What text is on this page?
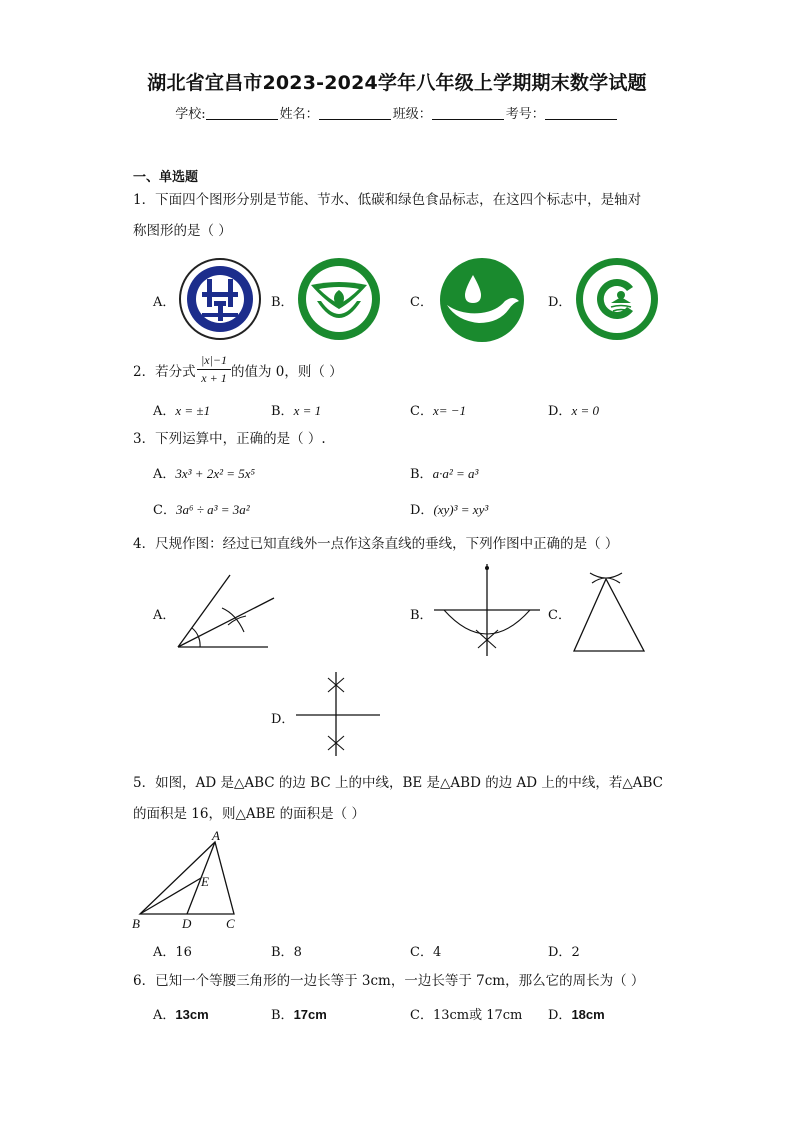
湖北省宜昌市2023-2024学年八年级上学期期末数学试题
学校:	姓名：	班级：	考号：
一、单选题
1．下面四个图形分别是节能、节水、低碳和绿色食品标志，在这四个标志中，是轴对
称图形的是（ ）
A．	B．	C．	D．
2．若分式
|x|−1
x + 1 的值为 0，则（ ）
A．x = ±1	B．x = 1	C．x= −1	D．x = 0
3．下列运算中，正确的是（ ）.
A．3x³ + 2x² = 5x⁵	B．a·a² = a³
C．3a⁶ ÷ a³ = 3a²	D．(xy)³ = xy³
4．尺规作图：经过已知直线外一点作这条直线的垂线，下列作图中正确的是（ ）
A．	B．	C．
D．
5．如图，AD 是△ABC 的边 BC 上的中线，BE 是△ABD 的边 AD 上的中线，若△ABC
的面积是 16，则△ABE 的面积是（ ）
A
E
B	D	C
A．16	B．8	C．4	D．2
6．已知一个等腰三角形的一边长等于 3cm，一边长等于 7cm，那么它的周长为（ ）
A．13cm	B．17cm	C．13cm或 17cm D．18cm
